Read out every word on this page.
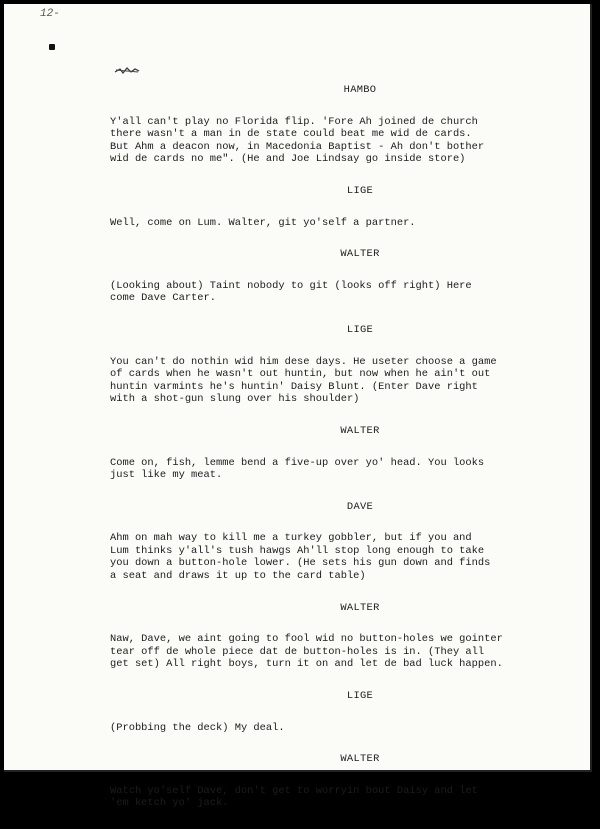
12-
HAMBO
Y'all can't play no Florida flip. 'Fore Ah joined de church
there wasn't a man in de state could beat me wid de cards.
But Ahm a deacon now, in Macedonia Baptist - Ah don't bother
wid de cards no me". (He and Joe Lindsay go inside store)
LIGE
Well, come on Lum. Walter, git yo'self a partner.
WALTER
(Looking about) Taint nobody to git (looks off right) Here
come Dave Carter.
LIGE
You can't do nothin wid him dese days. He useter choose a game
of cards when he wasn't out huntin, but now when he ain't out
huntin varmints he's huntin' Daisy Blunt. (Enter Dave right
with a shot-gun slung over his shoulder)
WALTER
Come on, fish, lemme bend a five-up over yo' head. You looks
just like my meat.
DAVE
Ahm on mah way to kill me a turkey gobbler, but if you and
Lum thinks y'all's tush hawgs Ah'll stop long enough to take
you down a button-hole lower. (He sets his gun down and finds
a seat and draws it up to the card table)
WALTER
Naw, Dave, we aint going to fool wid no button-holes we gointer
tear off de whole piece dat de button-holes is in. (They all
get set) All right boys, turn it on and let de bad luck happen.
LIGE
(Probbing the deck) My deal.
WALTER
Watch yo'self Dave, don't get to worryin bout Daisy and let
'em ketch yo' jack.
